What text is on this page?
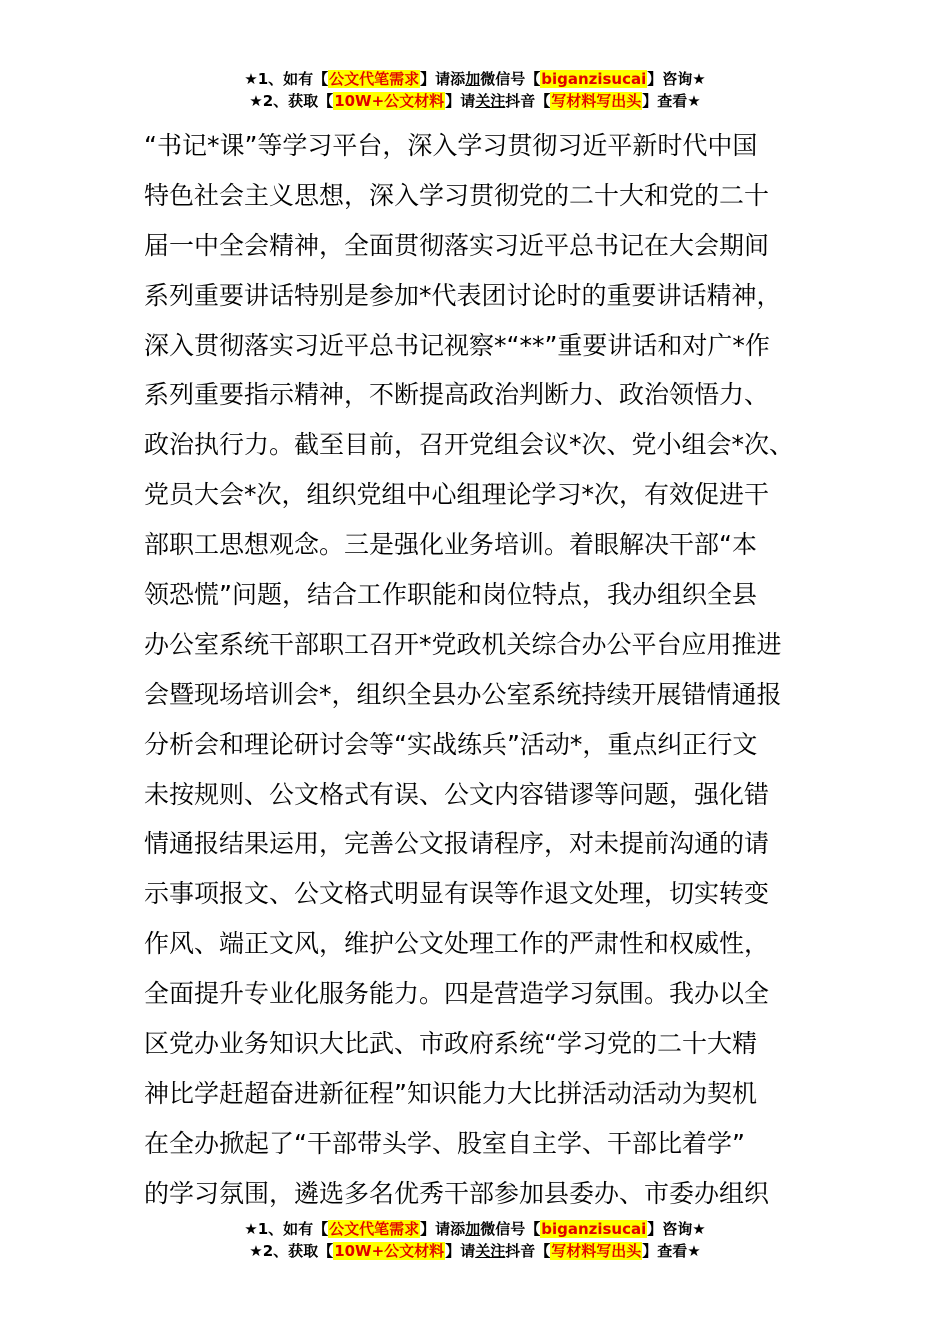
★1、如有【公文代笔需求】请添加微信号【biganzisucai】咨询★
★2、获取【10W+公文材料】请关注抖音【写材料写出头】查看★
“书记*课”等学习平台，深入学习贯彻习近平新时代中国
特色社会主义思想，深入学习贯彻党的二十大和党的二十
届一中全会精神，全面贯彻落实习近平总书记在大会期间
系列重要讲话特别是参加*代表团讨论时的重要讲话精神，
深入贯彻落实习近平总书记视察*“**”重要讲话和对广*作
系列重要指示精神，不断提高政治判断力、政治领悟力、
政治执行力。截至目前，召开党组会议*次、党小组会*次、
党员大会*次，组织党组中心组理论学习*次，有效促进干
部职工思想观念。三是强化业务培训。着眼解决干部“本
领恐慌”问题，结合工作职能和岗位特点，我办组织全县
办公室系统干部职工召开*党政机关综合办公平台应用推进
会暨现场培训会*，组织全县办公室系统持续开展错情通报
分析会和理论研讨会等“实战练兵”活动*，重点纠正行文
未按规则、公文格式有误、公文内容错谬等问题，强化错
情通报结果运用，完善公文报请程序，对未提前沟通的请
示事项报文、公文格式明显有误等作退文处理，切实转变
作风、端正文风，维护公文处理工作的严肃性和权威性，
全面提升专业化服务能力。四是营造学习氛围。我办以全
区党办业务知识大比武、市政府系统“学习党的二十大精
神比学赶超奋进新征程”知识能力大比拼活动活动为契机
在全办掀起了“干部带头学、股室自主学、干部比着学”
的学习氛围，遴选多名优秀干部参加县委办、市委办组织
★1、如有【公文代笔需求】请添加微信号【biganzisucai】咨询★
★2、获取【10W+公文材料】请关注抖音【写材料写出头】查看★
